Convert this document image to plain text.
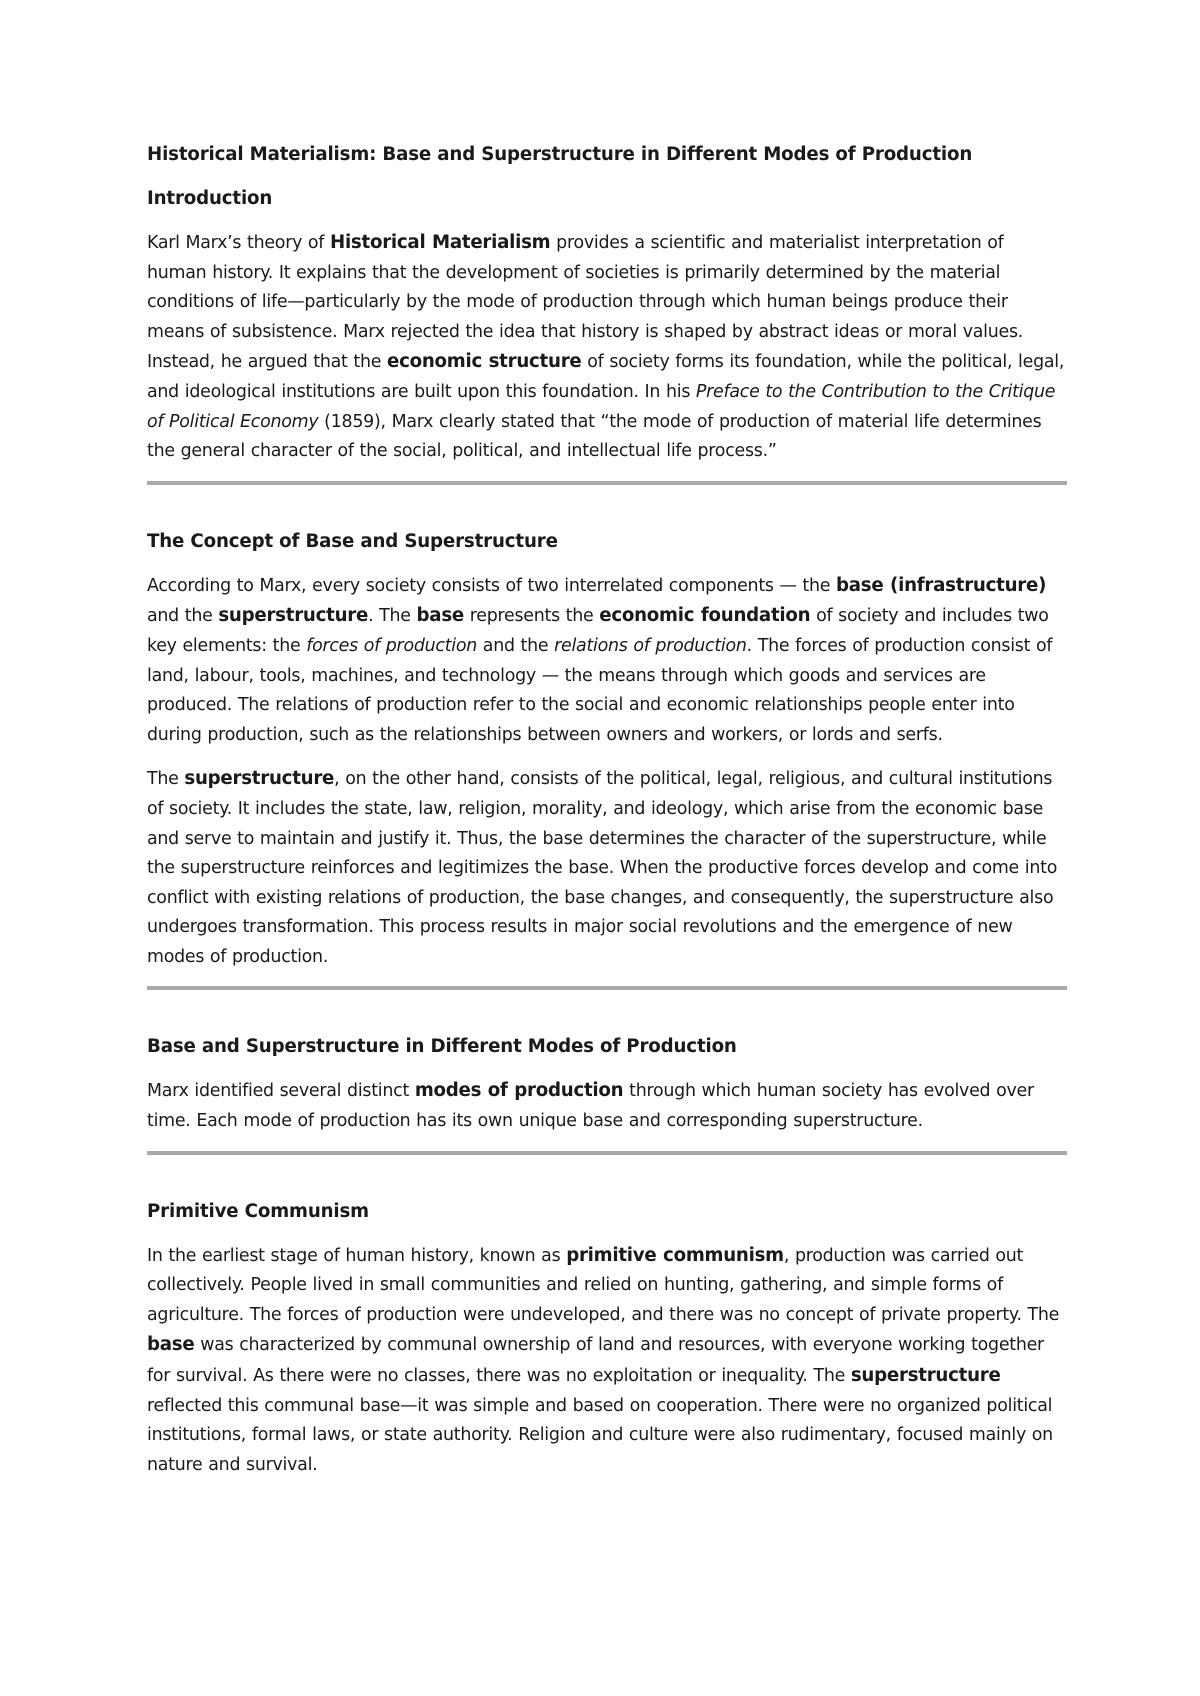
Historical Materialism: Base and Superstructure in Different Modes of Production
Introduction

Karl Marx’s theory of Historical Materialism provides a scientific and materialist interpretation of human history. It explains that the development of societies is primarily determined by the material conditions of life—particularly by the mode of production through which human beings produce their means of subsistence. Marx rejected the idea that history is shaped by abstract ideas or moral values. Instead, he argued that the economic structure of society forms its foundation, while the political, legal, and ideological institutions are built upon this foundation. In his Preface to the Contribution to the Critique of Political Economy (1859), Marx clearly stated that “the mode of production of material life determines the general character of the social, political, and intellectual life process.”

The Concept of Base and Superstructure

According to Marx, every society consists of two interrelated components — the base (infrastructure) and the superstructure. The base represents the economic foundation of society and includes two key elements: the forces of production and the relations of production. The forces of production consist of land, labour, tools, machines, and technology — the means through which goods and services are produced. The relations of production refer to the social and economic relationships people enter into during production, such as the relationships between owners and workers, or lords and serfs.

The superstructure, on the other hand, consists of the political, legal, religious, and cultural institutions of society. It includes the state, law, religion, morality, and ideology, which arise from the economic base and serve to maintain and justify it. Thus, the base determines the character of the superstructure, while the superstructure reinforces and legitimizes the base. When the productive forces develop and come into conflict with existing relations of production, the base changes, and consequently, the superstructure also undergoes transformation. This process results in major social revolutions and the emergence of new modes of production.

Base and Superstructure in Different Modes of Production

Marx identified several distinct modes of production through which human society has evolved over time. Each mode of production has its own unique base and corresponding superstructure.

Primitive Communism

In the earliest stage of human history, known as primitive communism, production was carried out collectively. People lived in small communities and relied on hunting, gathering, and simple forms of agriculture. The forces of production were undeveloped, and there was no concept of private property. The base was characterized by communal ownership of land and resources, with everyone working together for survival. As there were no classes, there was no exploitation or inequality. The superstructure reflected this communal base—it was simple and based on cooperation. There were no organized political institutions, formal laws, or state authority. Religion and culture were also rudimentary, focused mainly on nature and survival.
